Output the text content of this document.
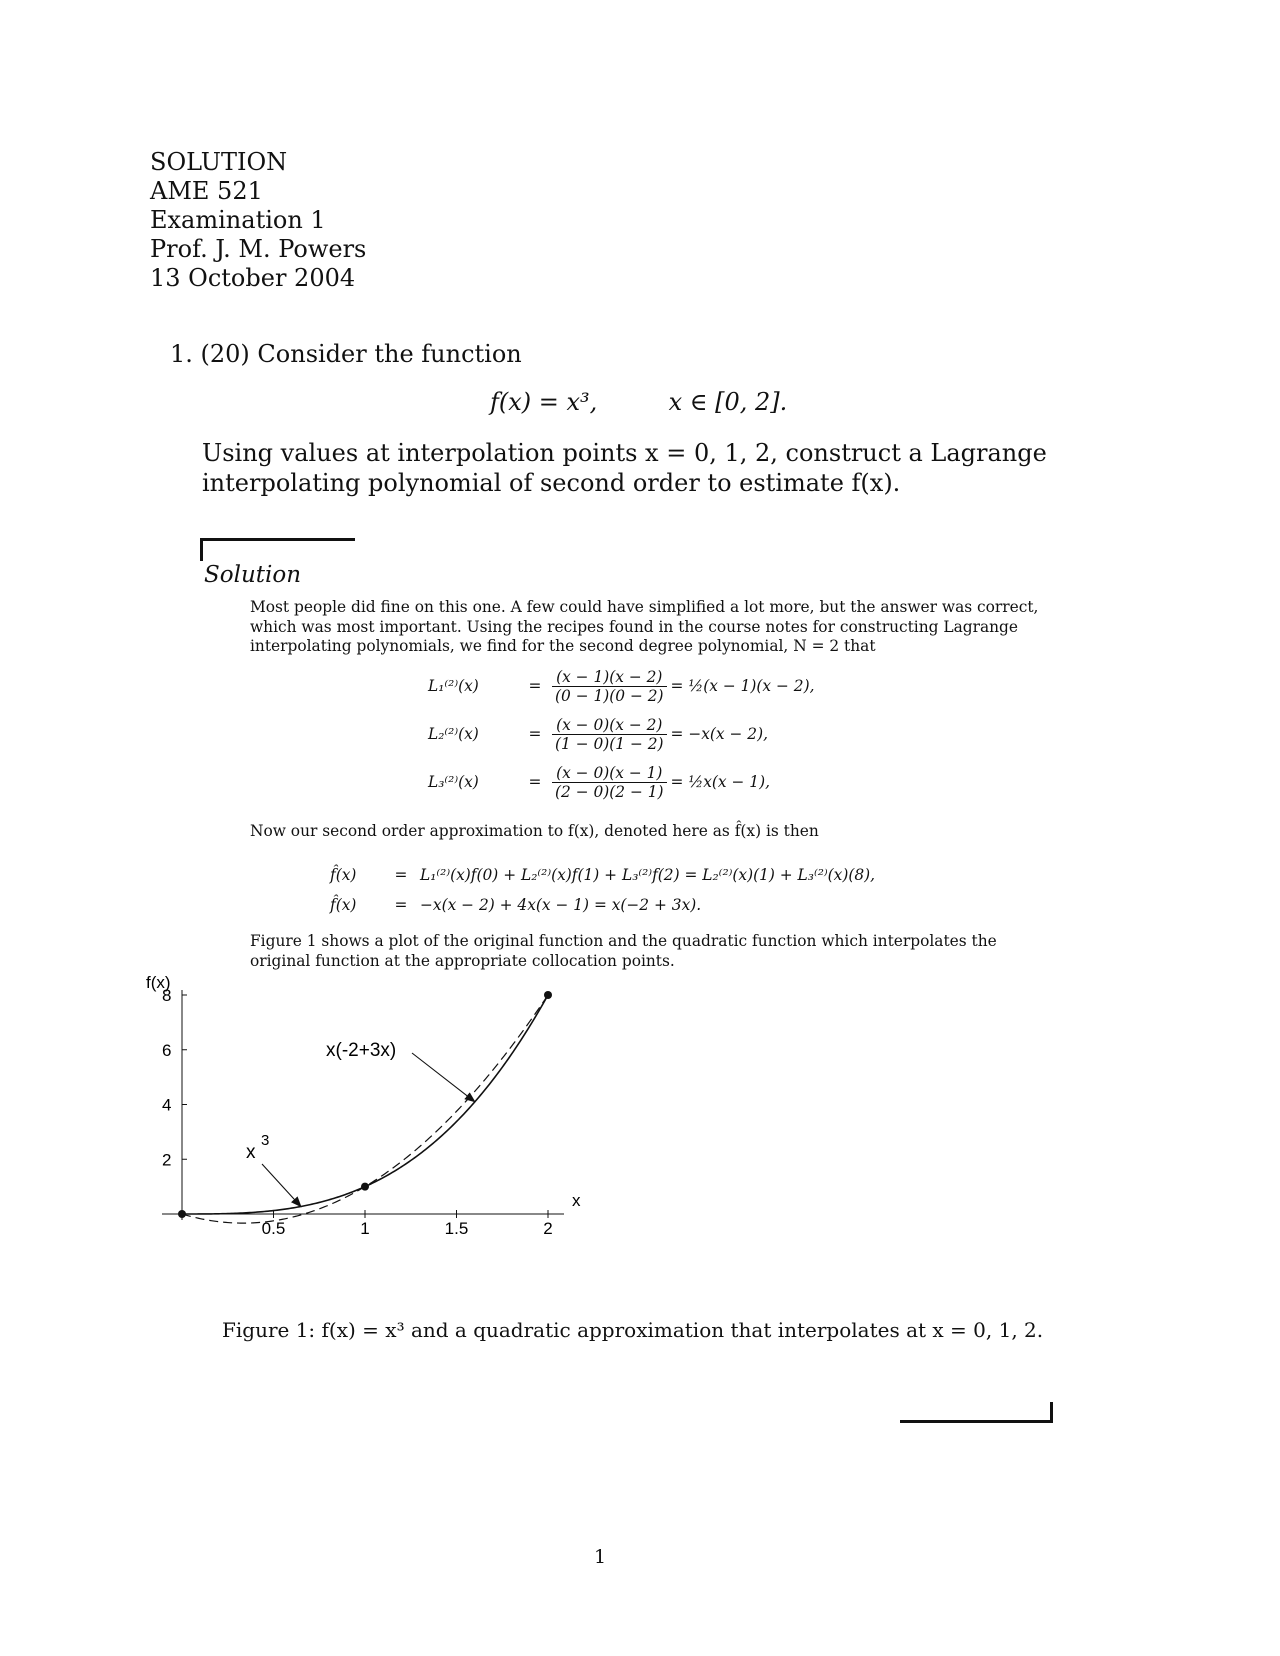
SOLUTION
AME 521
Examination 1
Prof. J. M. Powers
13 October 2004
1. (20) Consider the function
f(x) = x³,	x ∈ [0, 2].
Using values at interpolation points x = 0, 1, 2, construct a Lagrange interpolating polynomial of second order to estimate f(x).
Solution
Most people did fine on this one. A few could have simplified a lot more, but the answer was correct, which was most important. Using the recipes found in the course notes for constructing Lagrange interpolating polynomials, we find for the second degree polynomial, N = 2 that
L₁⁽²⁾(x)	= $\frac{(x - 1)(x - 2)}{(0 - 1)(0 - 2)}$ = ½(x − 1)(x − 2),
L₂⁽²⁾(x)	= $\frac{(x - 0)(x - 2)}{(1 - 0)(1 - 2)} = -x(x - 2)$,
L₃⁽²⁾(x)	= $\frac{(x - 0)(x - 1)}{(2 - 0)(2 - 1)}$ = ½x(x − 1),
Now our second order approximation to f(x), denoted here as f̂(x) is then
f̂(x)	= L₁⁽²⁾(x)f(0) + L₂⁽²⁾(x)f(1) + L₃⁽²⁾f(2) = L₂⁽²⁾(x)(1) + L₃⁽²⁾(x)(8),
f̂(x)	= −x(x − 2) + 4x(x − 1) = x(−2 + 3x).
Figure 1 shows a plot of the original function and the quadratic function which interpolates the original function at the appropriate collocation points.
f(x)
x
2
4
6
8
0.5	1	1.5	2
x(-2+3x)
x
3
Figure 1: f(x) = x³ and a quadratic approximation that interpolates at x = 0, 1, 2.
1
